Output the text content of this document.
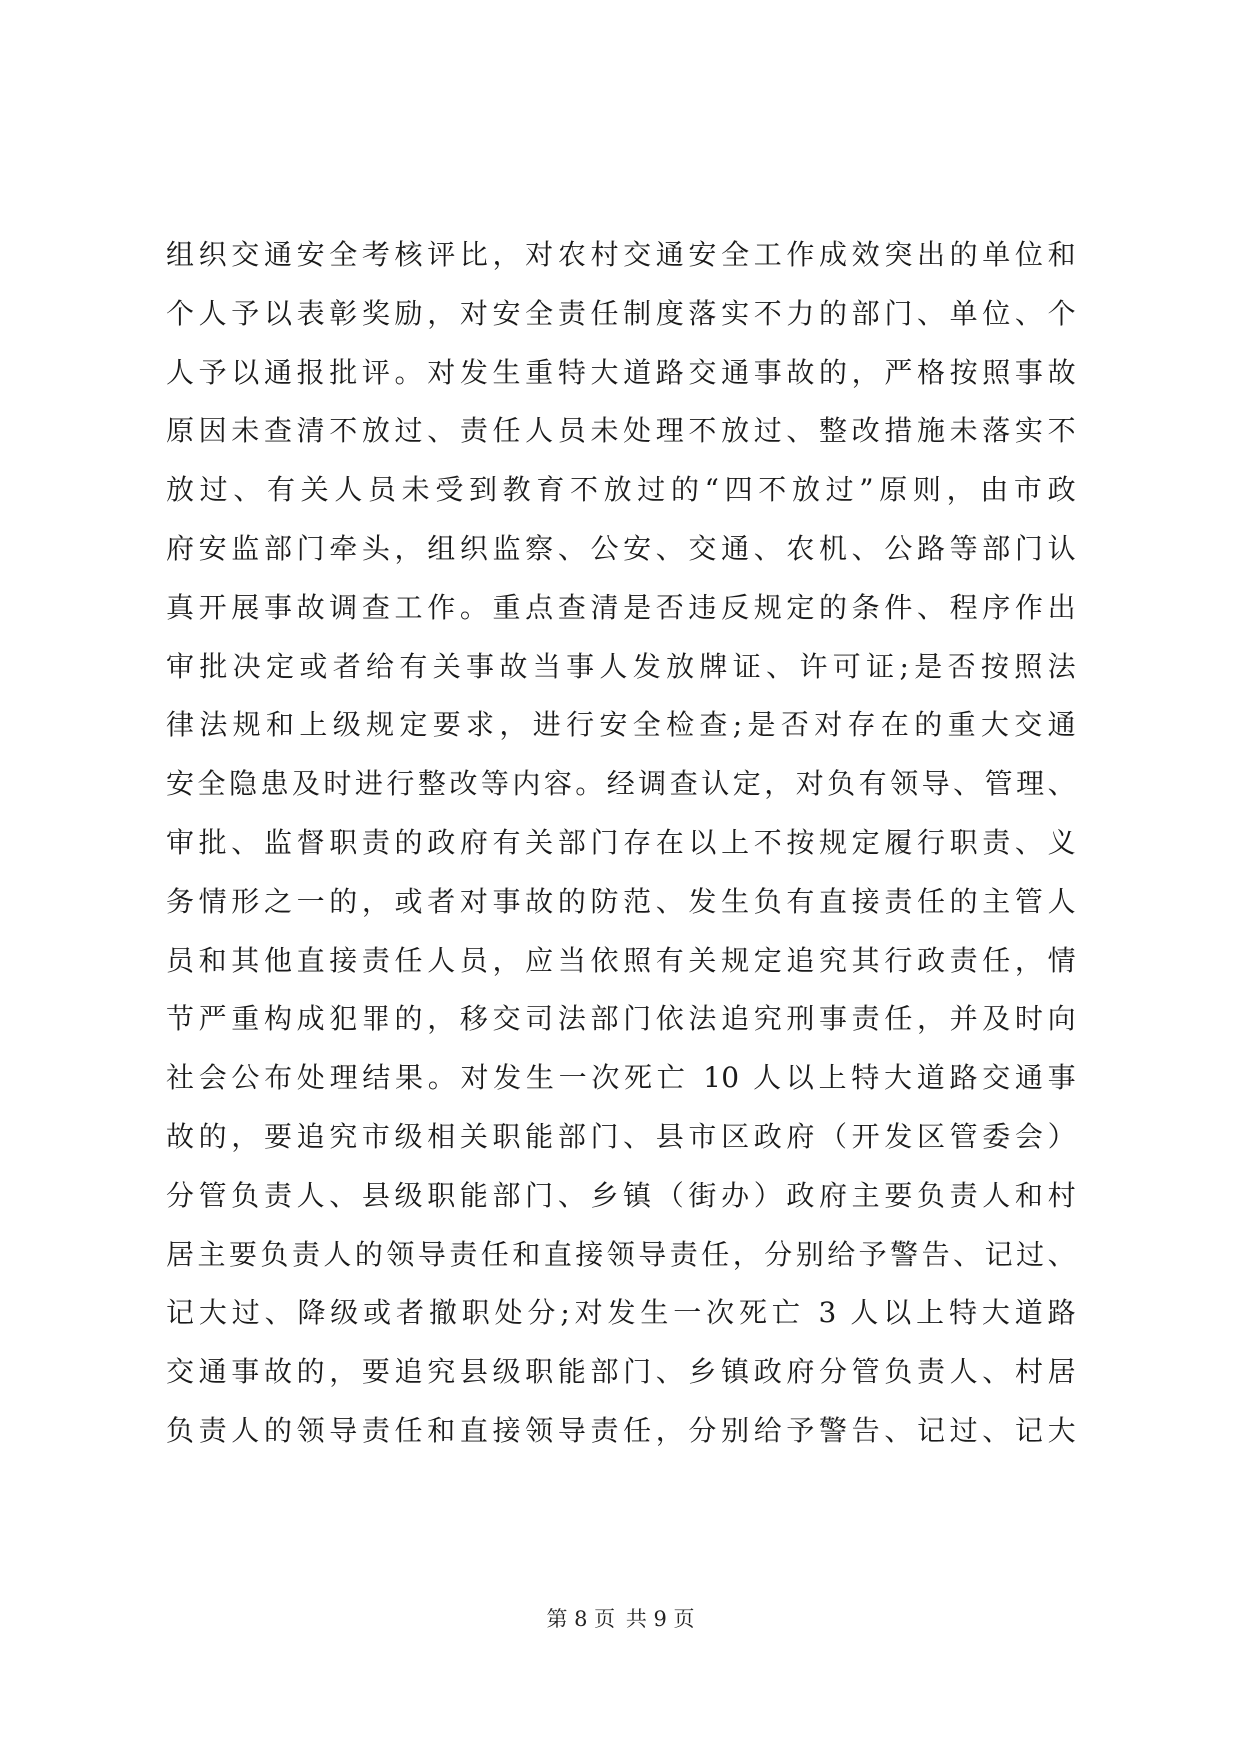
组织交通安全考核评比，对农村交通安全工作成效突出的单位和
个人予以表彰奖励，对安全责任制度落实不力的部门、单位、个
人予以通报批评。对发生重特大道路交通事故的，严格按照事故
原因未查清不放过、责任人员未处理不放过、整改措施未落实不
放过、有关人员未受到教育不放过的“四不放过”原则，由市政
府安监部门牵头，组织监察、公安、交通、农机、公路等部门认
真开展事故调查工作。重点查清是否违反规定的条件、程序作出
审批决定或者给有关事故当事人发放牌证、许可证;是否按照法
律法规和上级规定要求，进行安全检查;是否对存在的重大交通
安全隐患及时进行整改等内容。经调查认定，对负有领导、管理、
审批、监督职责的政府有关部门存在以上不按规定履行职责、义
务情形之一的，或者对事故的防范、发生负有直接责任的主管人
员和其他直接责任人员，应当依照有关规定追究其行政责任，情
节严重构成犯罪的，移交司法部门依法追究刑事责任，并及时向
社会公布处理结果。对发生一次死亡 10 人以上特大道路交通事
故的，要追究市级相关职能部门、县市区政府（开发区管委会）
分管负责人、县级职能部门、乡镇（街办）政府主要负责人和村
居主要负责人的领导责任和直接领导责任，分别给予警告、记过、
记大过、降级或者撤职处分;对发生一次死亡 3 人以上特大道路
交通事故的，要追究县级职能部门、乡镇政府分管负责人、村居
负责人的领导责任和直接领导责任，分别给予警告、记过、记大
第 8 页 共 9 页
